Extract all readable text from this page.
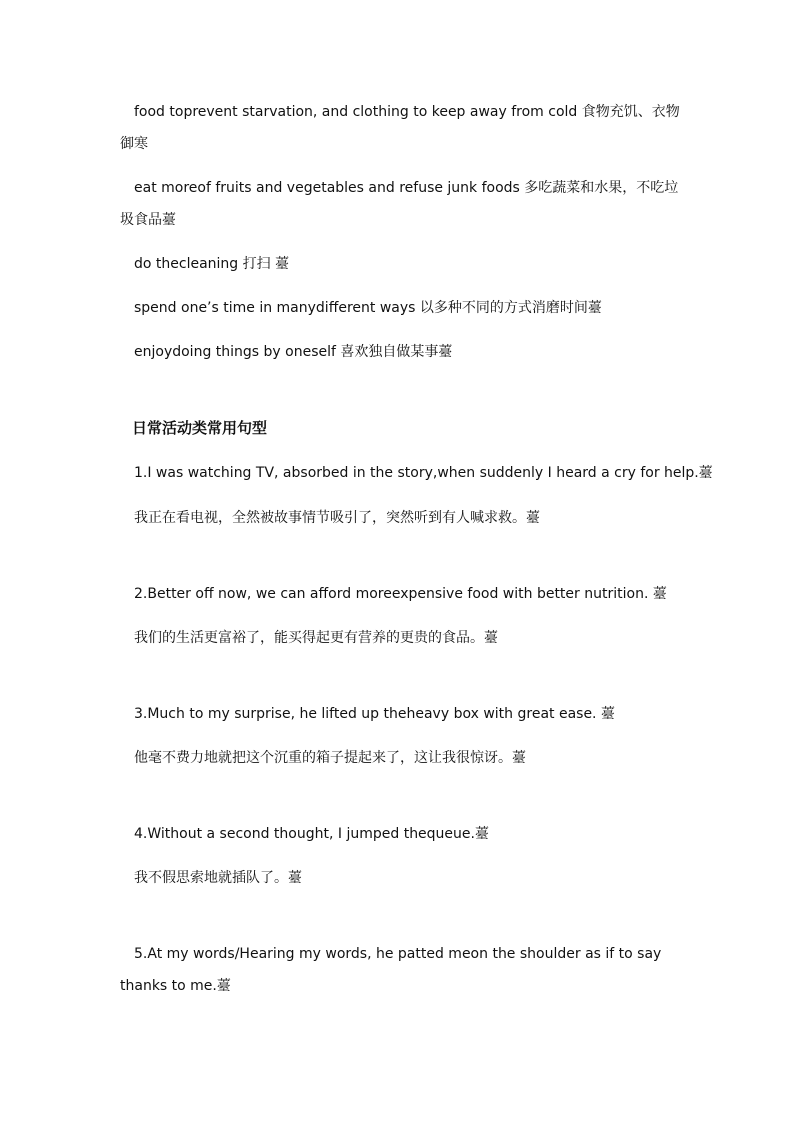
food toprevent starvation, and clothing to keep away from cold 食物充饥、衣物御寒
eat moreof fruits and vegetables and refuse junk foods 多吃蔬菜和水果，不吃垃圾食品薹
do thecleaning 打扫 薹
spend one’s time in manydifferent ways 以多种不同的方式消磨时间薹
enjoydoing things by oneself 喜欢独自做某事薹
日常活动类常用句型
1.I was watching TV, absorbed in the story,when suddenly I heard a cry for help.薹
我正在看电视，全然被故事情节吸引了，突然听到有人喊求救。薹
2.Better off now, we can afford moreexpensive food with better nutrition. 薹
我们的生活更富裕了，能买得起更有营养的更贵的食品。薹
3.Much to my surprise, he lifted up theheavy box with great ease. 薹
他毫不费力地就把这个沉重的箱子提起来了，这让我很惊讶。薹
4.Without a second thought, I jumped thequeue.薹
我不假思索地就插队了。薹
5.At my words/Hearing my words, he patted meon the shoulder as if to say thanks to me.薹
